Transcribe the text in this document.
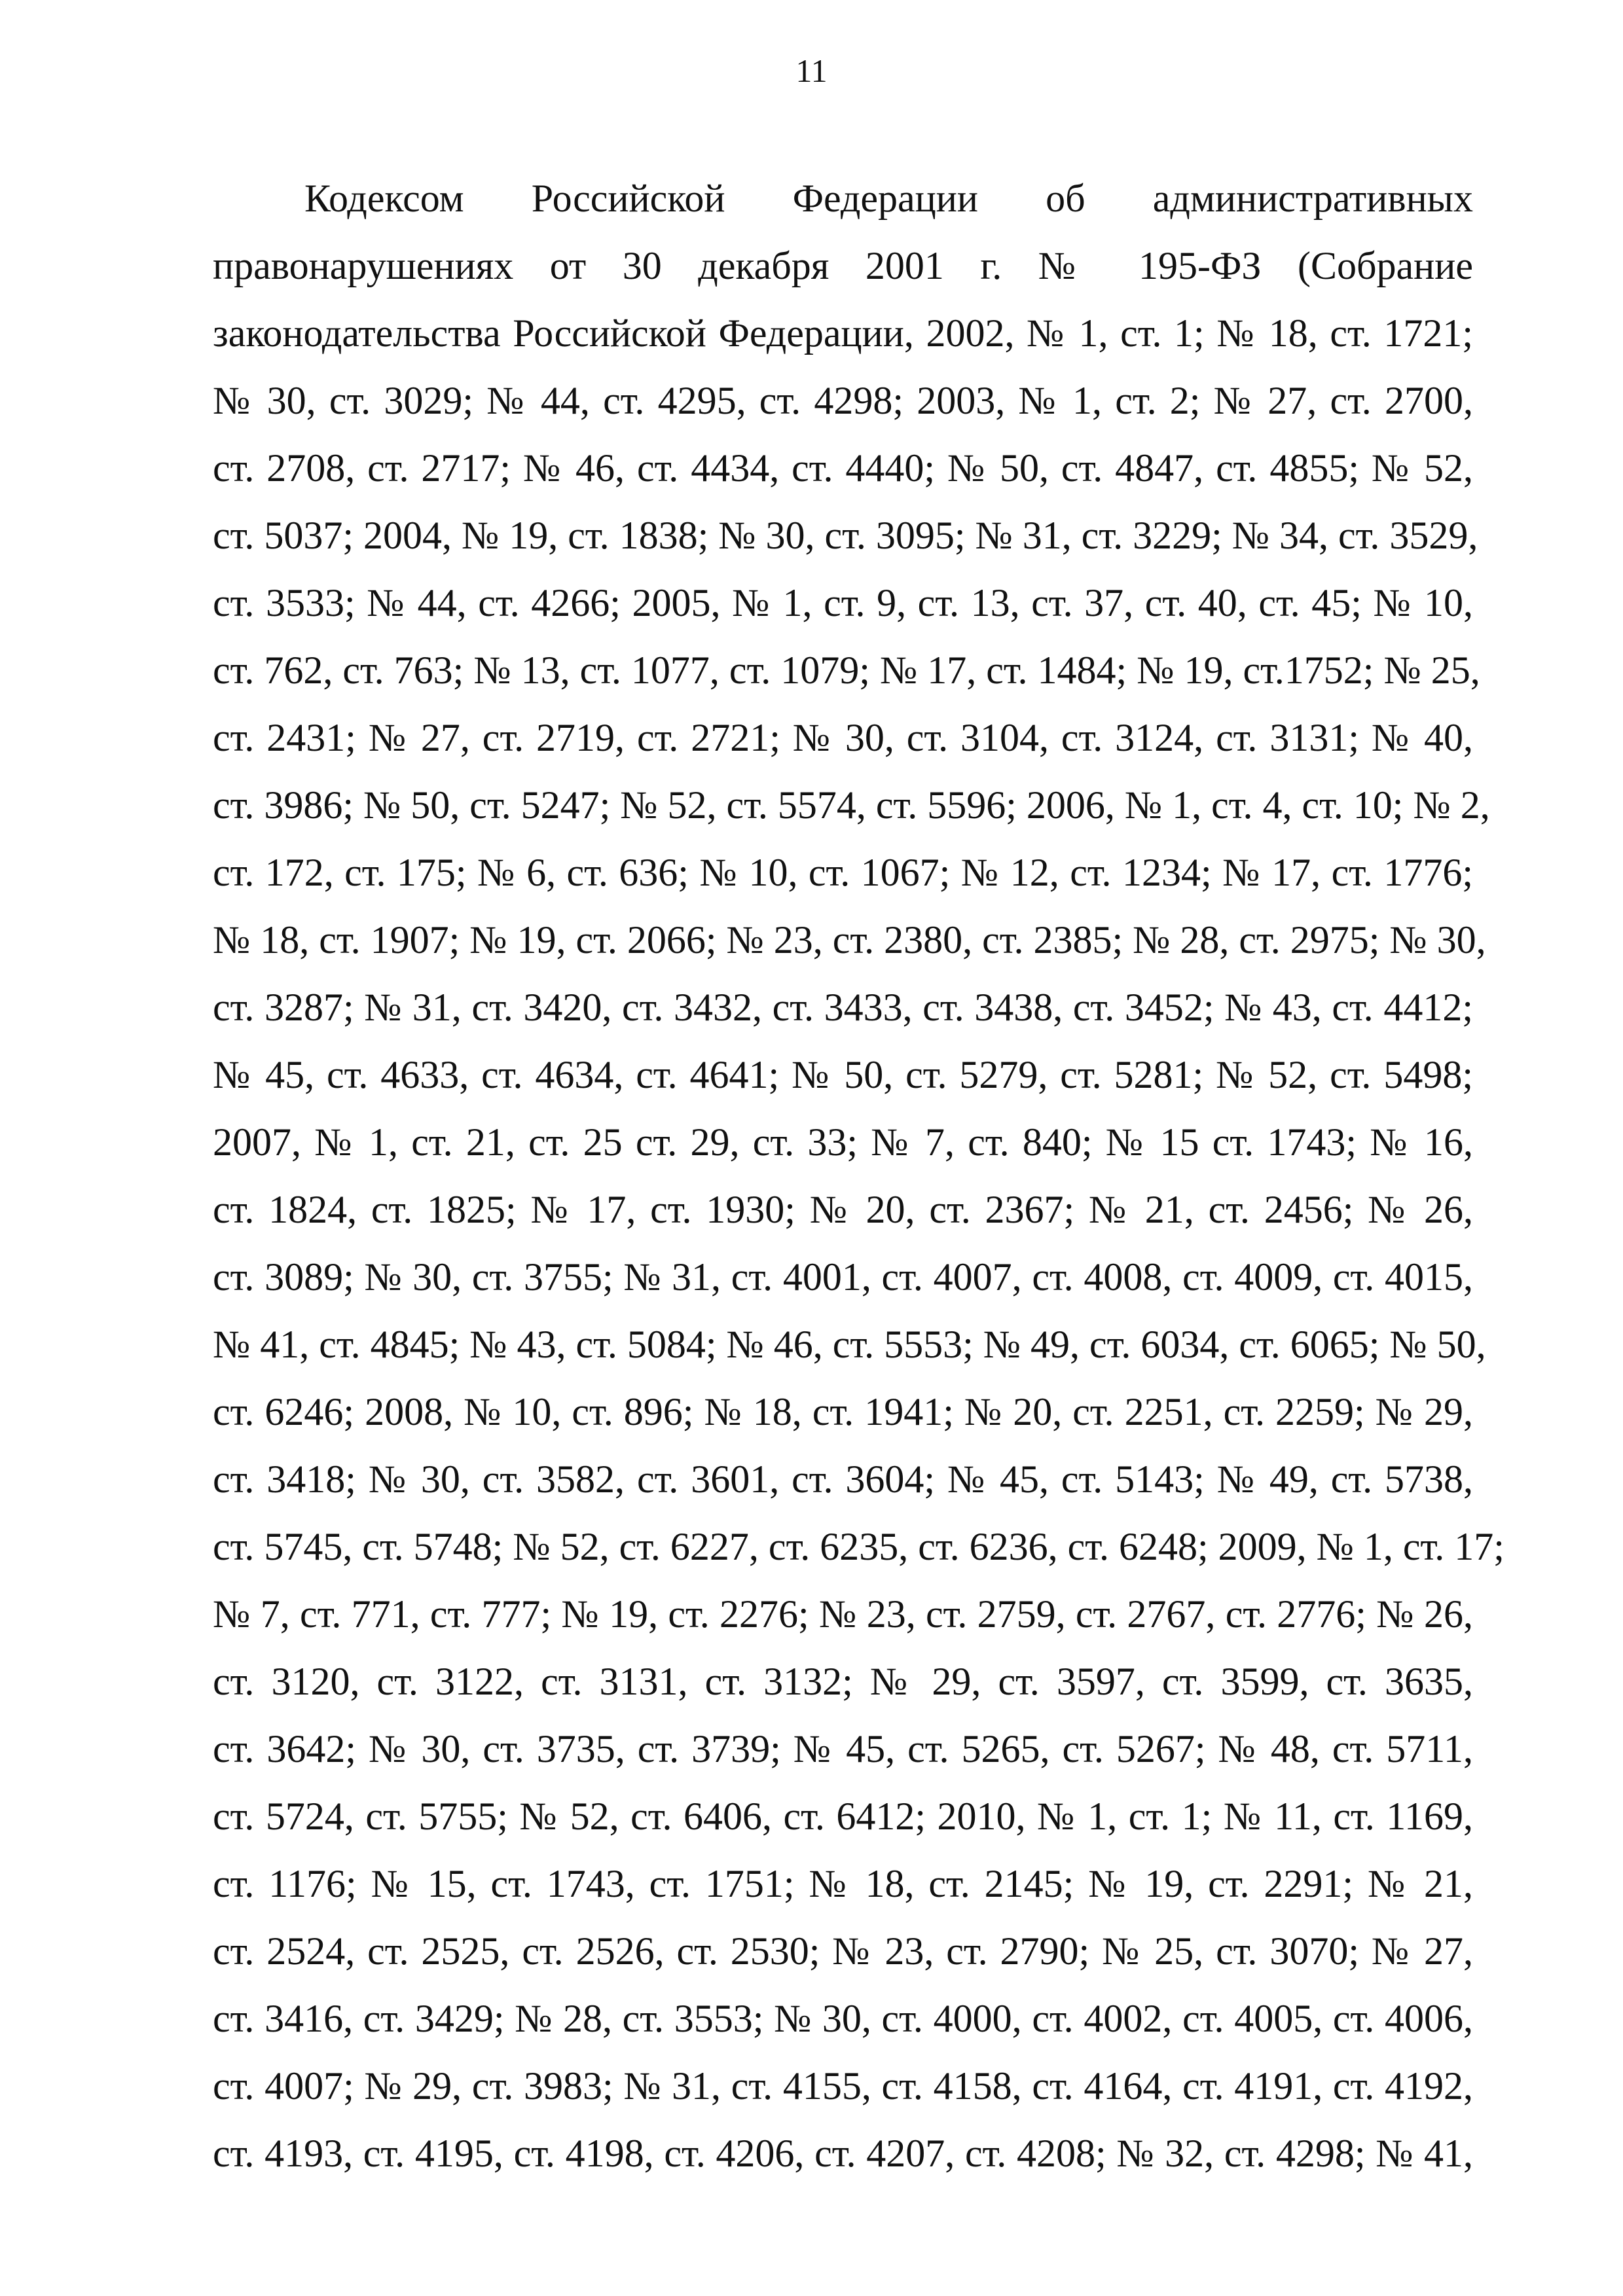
11
Кодексом Российской Федерации об административных
правонарушениях от 30 декабря 2001 г. № 195-ФЗ (Собрание
законодательства Российской Федерации, 2002, № 1, ст. 1; № 18, ст. 1721;
№ 30, ст. 3029; № 44, ст. 4295, ст. 4298; 2003, № 1, ст. 2; № 27, ст. 2700,
ст. 2708, ст. 2717; № 46, ст. 4434, ст. 4440; № 50, ст. 4847, ст. 4855; № 52,
ст. 5037; 2004, № 19, ст. 1838; № 30, ст. 3095; № 31, ст. 3229; № 34, ст. 3529,
ст. 3533; № 44, ст. 4266; 2005, № 1, ст. 9, ст. 13, ст. 37, ст. 40, ст. 45; № 10,
ст. 762, ст. 763; № 13, ст. 1077, ст. 1079; № 17, ст. 1484; № 19, ст.1752; № 25,
ст. 2431; № 27, ст. 2719, ст. 2721; № 30, ст. 3104, ст. 3124, ст. 3131; № 40,
ст. 3986; № 50, ст. 5247; № 52, ст. 5574, ст. 5596; 2006, № 1, ст. 4, ст. 10; № 2,
ст. 172, ст. 175; № 6, ст. 636; № 10, ст. 1067; № 12, ст. 1234; № 17, ст. 1776;
№ 18, ст. 1907; № 19, ст. 2066; № 23, ст. 2380, ст. 2385; № 28, ст. 2975; № 30,
ст. 3287; № 31, ст. 3420, ст. 3432, ст. 3433, ст. 3438, ст. 3452; № 43, ст. 4412;
№ 45, ст. 4633, ст. 4634, ст. 4641; № 50, ст. 5279, ст. 5281; № 52, ст. 5498;
2007, № 1, ст. 21, ст. 25 ст. 29, ст. 33; № 7, ст. 840; № 15 ст. 1743; № 16,
ст. 1824, ст. 1825; № 17, ст. 1930; № 20, ст. 2367; № 21, ст. 2456; № 26,
ст. 3089; № 30, ст. 3755; № 31, ст. 4001, ст. 4007, ст. 4008, ст. 4009, ст. 4015,
№ 41, ст. 4845; № 43, ст. 5084; № 46, ст. 5553; № 49, ст. 6034, ст. 6065; № 50,
ст. 6246; 2008, № 10, ст. 896; № 18, ст. 1941; № 20, ст. 2251, ст. 2259; № 29,
ст. 3418; № 30, ст. 3582, ст. 3601, ст. 3604; № 45, ст. 5143; № 49, ст. 5738,
ст. 5745, ст. 5748; № 52, ст. 6227, ст. 6235, ст. 6236, ст. 6248; 2009, № 1, ст. 17;
№ 7, ст. 771, ст. 777; № 19, ст. 2276; № 23, ст. 2759, ст. 2767, ст. 2776; № 26,
ст. 3120, ст. 3122, ст. 3131, ст. 3132; № 29, ст. 3597, ст. 3599, ст. 3635,
ст. 3642; № 30, ст. 3735, ст. 3739; № 45, ст. 5265, ст. 5267; № 48, ст. 5711,
ст. 5724, ст. 5755; № 52, ст. 6406, ст. 6412; 2010, № 1, ст. 1; № 11, ст. 1169,
ст. 1176; № 15, ст. 1743, ст. 1751; № 18, ст. 2145; № 19, ст. 2291; № 21,
ст. 2524, ст. 2525, ст. 2526, ст. 2530; № 23, ст. 2790; № 25, ст. 3070; № 27,
ст. 3416, ст. 3429; № 28, ст. 3553; № 30, ст. 4000, ст. 4002, ст. 4005, ст. 4006,
ст. 4007; № 29, ст. 3983; № 31, ст. 4155, ст. 4158, ст. 4164, ст. 4191, ст. 4192,
ст. 4193, ст. 4195, ст. 4198, ст. 4206, ст. 4207, ст. 4208; № 32, ст. 4298; № 41,
